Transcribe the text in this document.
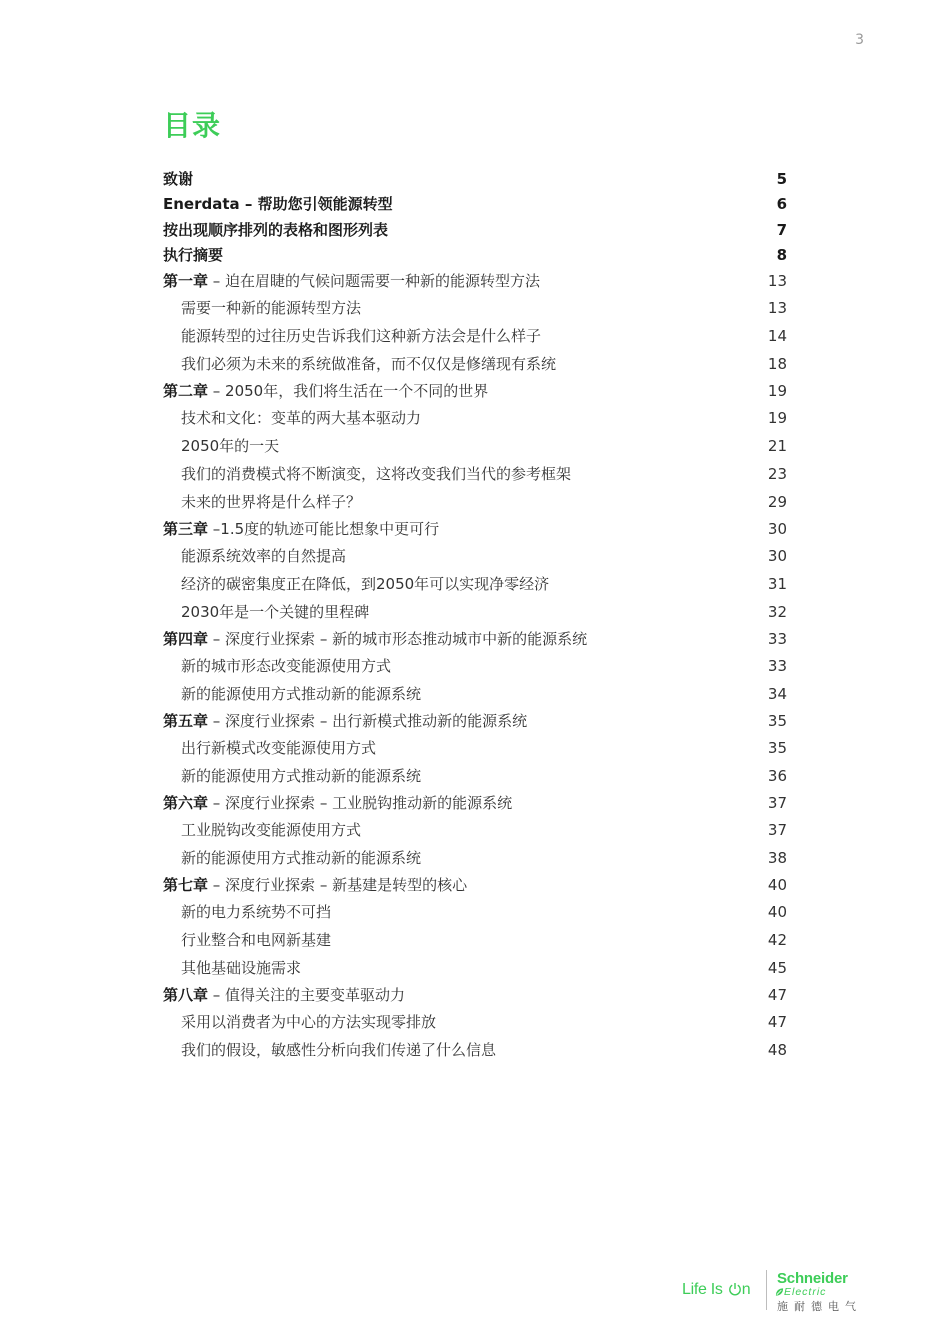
3
目录
致谢	5
Enerdata – 帮助您引领能源转型	6
按出现顺序排列的表格和图形列表	7
执行摘要	8
第一章 – 迫在眉睫的气候问题需要一种新的能源转型方法	13
需要一种新的能源转型方法	13
能源转型的过往历史告诉我们这种新方法会是什么样子	14
我们必须为未来的系统做准备，而不仅仅是修缮现有系统	18
第二章 – 2050年，我们将生活在一个不同的世界	19
技术和文化：变革的两大基本驱动力	19
2050年的一天	21
我们的消费模式将不断演变，这将改变我们当代的参考框架	23
未来的世界将是什么样子？	29
第三章 –1.5度的轨迹可能比想象中更可行	30
能源系统效率的自然提高	30
经济的碳密集度正在降低，到2050年可以实现净零经济	31
2030年是一个关键的里程碑	32
第四章 – 深度行业探索 – 新的城市形态推动城市中新的能源系统	33
新的城市形态改变能源使用方式	33
新的能源使用方式推动新的能源系统	34
第五章 – 深度行业探索 – 出行新模式推动新的能源系统	35
出行新模式改变能源使用方式	35
新的能源使用方式推动新的能源系统	36
第六章 – 深度行业探索 – 工业脱钩推动新的能源系统	37
工业脱钩改变能源使用方式	37
新的能源使用方式推动新的能源系统	38
第七章 – 深度行业探索 – 新基建是转型的核心	40
新的电力系统势不可挡	40
行业整合和电网新基建	42
其他基础设施需求	45
第八章 – 值得关注的主要变革驱动力	47
采用以消费者为中心的方法实现零排放	47
我们的假设，敏感性分析向我们传递了什么信息	48
Life Is n
Schneider
Electric
施耐德电气
